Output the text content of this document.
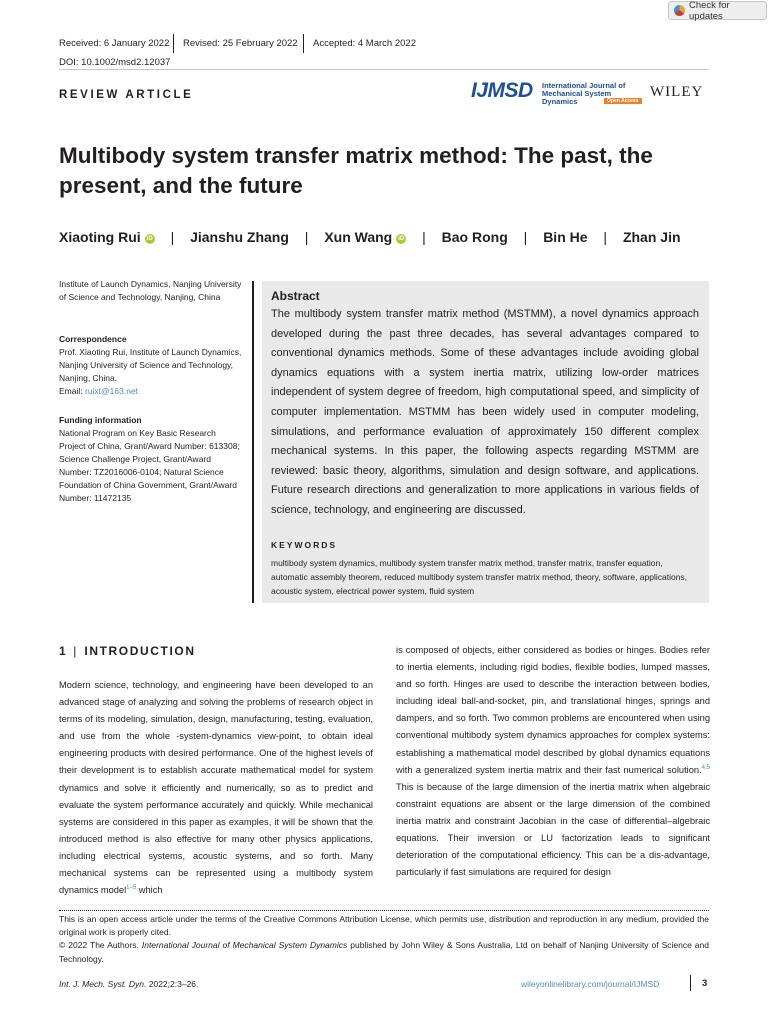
Check for updates
Received: 6 January 2022 Revised: 25 February 2022 Accepted: 4 March 2022
DOI: 10.1002/msd2.12037
REVIEW ARTICLE	IJMSD International Journal of Mechanical System Dynamics	Open Access
WILEY
Multibody system transfer matrix method: The past, the present, and the future
Xiaoting Rui iD | Jianshu Zhang | Xun Wang iD | Bao Rong | Bin He | Zhan Jin
Institute of Launch Dynamics, Nanjing University of Science and Technology, Nanjing, China
Correspondence
Prof. Xiaoting Rui, Institute of Launch Dynamics, Nanjing University of Science and Technology, Nanjing, China.
Email: ruixt@163.net
Funding information
National Program on Key Basic Research Project of China, Grant/Award Number: 613308; Science Challenge Project, Grant/Award Number: TZ2016006-0104; Natural Science Foundation of China Government, Grant/Award Number: 11472135
Abstract
The multibody system transfer matrix method (MSTMM), a novel dynamics approach developed during the past three decades, has several advantages compared to conventional dynamics methods. Some of these advantages include avoiding global dynamics equations with a system inertia matrix, utilizing low-order matrices independent of system degree of freedom, high computational speed, and simplicity of computer implementation. MSTMM has been widely used in computer modeling, simulations, and performance evaluation of approximately 150 different complex mechanical systems. In this paper, the following aspects regarding MSTMM are reviewed: basic theory, algorithms, simulation and design software, and applications. Future research directions and generalization to more applications in various fields of science, technology, and engineering are discussed.
KEYWORDS
multibody system dynamics, multibody system transfer matrix method, transfer matrix, transfer equation, automatic assembly theorem, reduced multibody system transfer matrix method, theory, software, applications, acoustic system, electrical power system, fluid system
1 | INTRODUCTION
Modern science, technology, and engineering have been developed to an advanced stage of analyzing and solving the problems of research object in terms of its modeling, simulation, design, manufacturing, testing, evaluation, and use from the whole -system-dynamics view-point, to obtain ideal engineering products with desired performance. One of the highest levels of their development is to establish accurate mathematical model for system dynamics and solve it efficiently and numerically, so as to predict and evaluate the system performance accurately and quickly. While mechanical systems are considered in this paper as examples, it will be shown that the introduced method is also effective for many other physics applications, including electrical systems, acoustic systems, and so forth. Many mechanical systems can be represented using a multibody system dynamics model$^{1-5}$ which
is composed of objects, either considered as bodies or hinges. Bodies refer to inertia elements, including rigid bodies, flexible bodies, lumped masses, and so forth. Hinges are used to describe the interaction between bodies, including ideal ball-and-socket, pin, and translational hinges, springs and dampers, and so forth. Two common problems are encountered when using conventional multibody system dynamics approaches for complex systems: establishing a mathematical model described by global dynamics equations with a generalized system inertia matrix and their fast numerical solution.$^{4,5}$ This is because of the large dimension of the inertia matrix when algebraic constraint equations are absent or the large dimension of the combined inertia matrix and constraint Jacobian in the case of differential–algebraic equations. Their inversion or LU factorization leads to significant deterioration of the computational efficiency. This can be a dis-advantage, particularly if fast simulations are required for design
This is an open access article under the terms of the Creative Commons Attribution License, which permits use, distribution and reproduction in any medium, provided the original work is properly cited.
© 2022 The Authors. International Journal of Mechanical System Dynamics published by John Wiley & Sons Australia, Ltd on behalf of Nanjing University of Science and Technology.
Int. J. Mech. Syst. Dyn. 2022;2:3–26.	wileyonlinelibrary.com/journal/IJMSD	3
